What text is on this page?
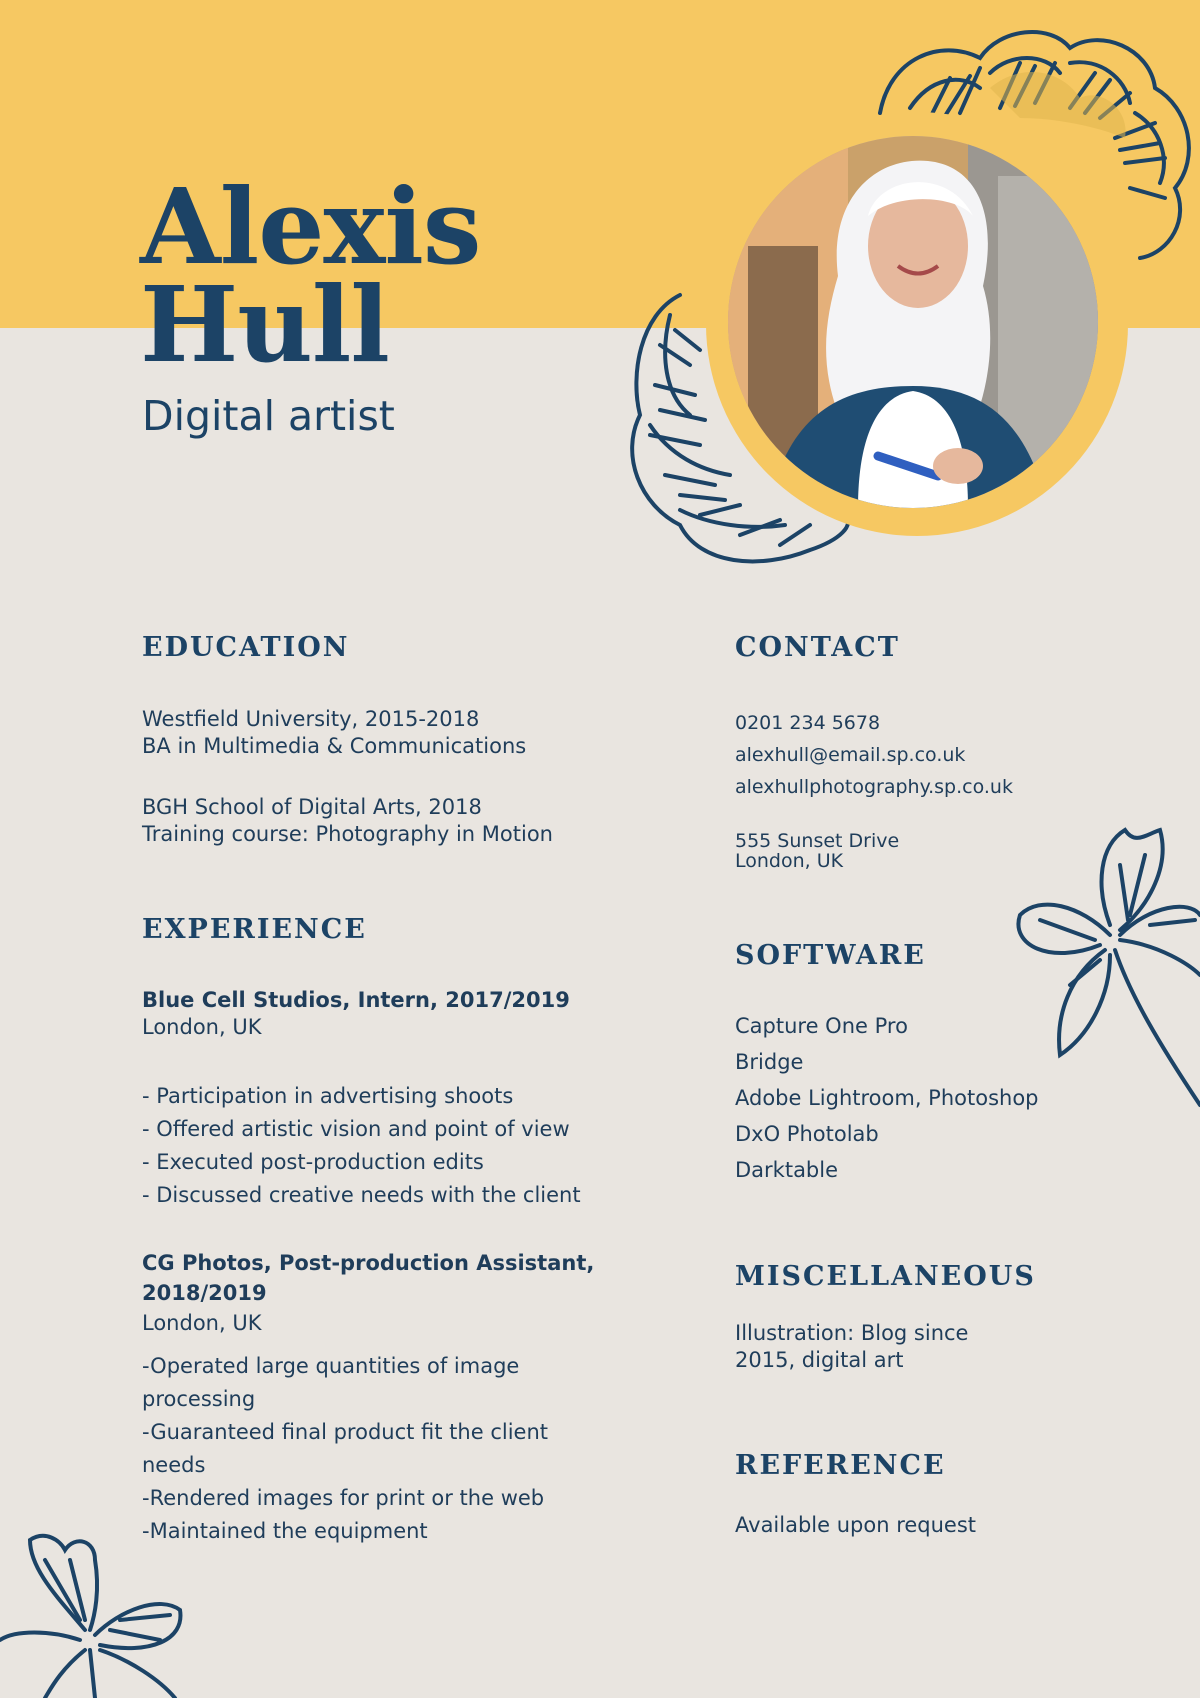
Alexis
Hull
Digital artist
EDUCATION
Westfield University, 2015-2018
BA in Multimedia & Communications
BGH School of Digital Arts, 2018
Training course: Photography in Motion
EXPERIENCE
Blue Cell Studios, Intern, 2017/2019
London, UK
- Participation in advertising shoots
- Offered artistic vision and point of view
- Executed post-production edits
- Discussed creative needs with the client
CG Photos, Post-production Assistant,
2018/2019
London, UK
-Operated large quantities of image
processing
-Guaranteed final product fit the client
needs
-Rendered images for print or the web
-Maintained the equipment
CONTACT
0201 234 5678
alexhull@email.sp.co.uk
alexhullphotography.sp.co.uk
555 Sunset Drive
London, UK
SOFTWARE
Capture One Pro
Bridge
Adobe Lightroom, Photoshop
DxO Photolab
Darktable
MISCELLANEOUS
Illustration: Blog since
2015, digital art
REFERENCE
Available upon request
